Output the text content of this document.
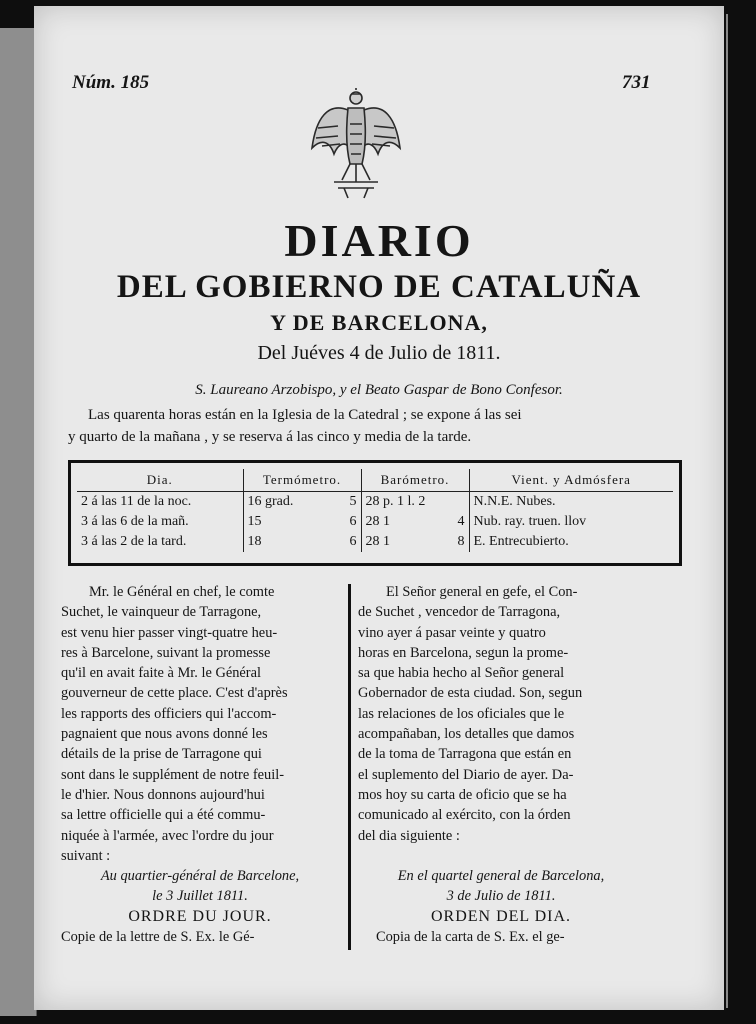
Núm. 185	731
DIARIO
DEL GOBIERNO DE CATALUÑA
Y DE BARCELONA,
Del Juéves 4 de Julio de 1811.
S. Laureano Arzobispo, y el Beato Gaspar de Bono Confesor.
Las quarenta horas están en la Iglesia de la Catedral ; se expone á las sei
y quarto de la mañana , y se reserva á las cinco y media de la tarde.
Dia.	Termómetro.	Barómetro.	Vient. y Admósfera
2 á las 11 de la noc.	16 grad. 5	28 p. 1 l. 2	N.N.E. Nubes.
3 á las 6 de la mañ.	15 6	28 1 4	Nub. ray. truen. llov
3 á las 2 de la tard.	18 6	28 1 8	E. Entrecubierto.
Mr. le Général en chef, le comte
Suchet, le vainqueur de Tarragone,
est venu hier passer vingt-quatre heu-
res à Barcelone, suivant la promesse
qu'il en avait faite à Mr. le Général
gouverneur de cette place. C'est d'après
les rapports des officiers qui l'accom-
pagnaient que nous avons donné les
détails de la prise de Tarragone qui
sont dans le supplément de notre feuil-
le d'hier. Nous donnons aujourd'hui
sa lettre officielle qui a été commu-
niquée à l'armée, avec l'ordre du jour
suivant :
Au quartier-général de Barcelone,
le 3 Juillet 1811.
ORDRE DU JOUR.
Copie de la lettre de S. Ex. le Gé-
El Señor general en gefe, el Con-
de Suchet , vencedor de Tarragona,
vino ayer á pasar veinte y quatro
horas en Barcelona, segun la prome-
sa que habia hecho al Señor general
Gobernador de esta ciudad. Son, segun
las relaciones de los oficiales que le
acompañaban, los detalles que damos
de la toma de Tarragona que están en
el suplemento del Diario de ayer. Da-
mos hoy su carta de oficio que se ha
comunicado al exército, con la órden
del dia siguiente :

En el quartel general de Barcelona,
3 de Julio de 1811.
ORDEN DEL DIA.
Copia de la carta de S. Ex. el ge-
